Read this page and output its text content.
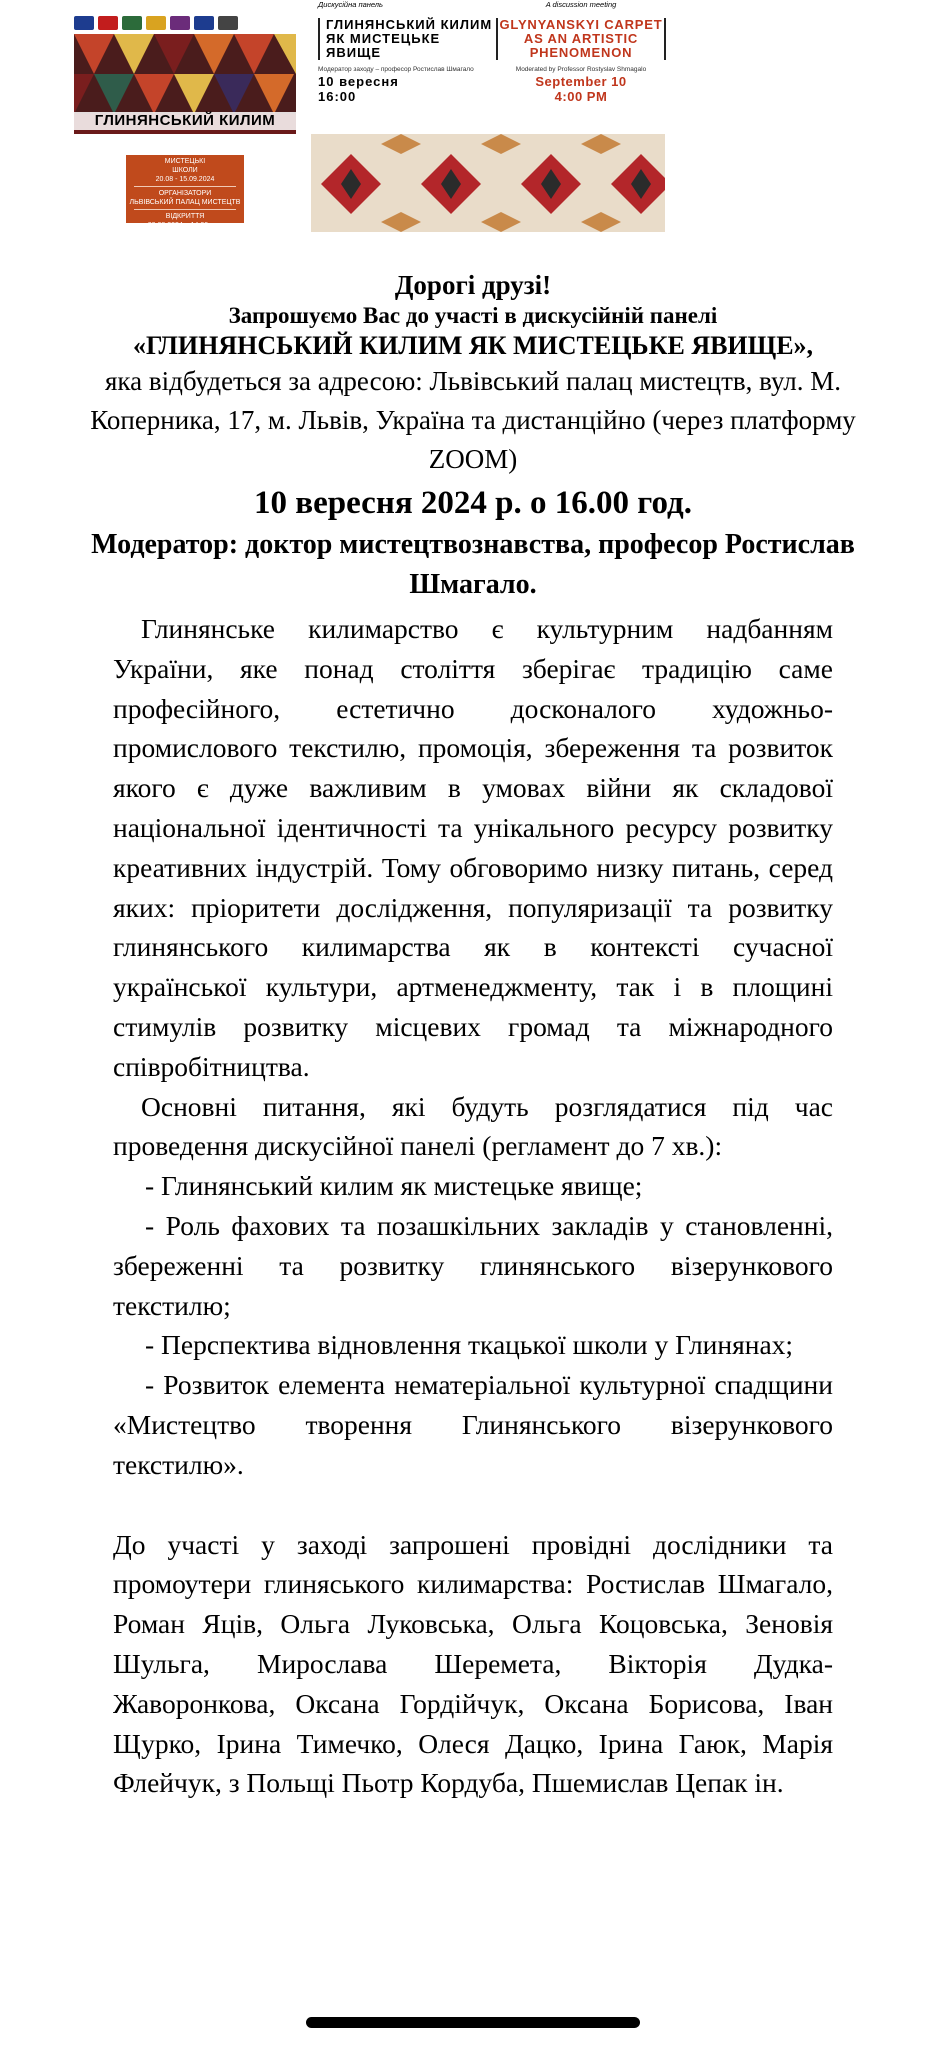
ГЛИНЯНСЬКИЙ КИЛИМ
МИСТЕЦЬКІ
ШКОЛИ
20.08 - 15.09.2024
ОРГАНІЗАТОРИ
ЛЬВІВСЬКИЙ ПАЛАЦ МИСТЕЦТВ
ВІДКРИТТЯ
20.08.2024 о 14:00 год.
Дискусійна панель
ГЛИНЯНСЬКИЙ КИЛИМ ЯК МИСТЕЦЬКЕ ЯВИЩЕ
Модератор заходу – професор Ростислав Шмагало
10 вересня
16:00
A discussion meeting
GLYNYANSKYI CARPET AS AN ARTISTIC PHENOMENON
Moderated by Professor Rostyslav Shmagalo
September 10
4:00 PM

Дорогі друзі!

Запрошуємо Вас до участі в дискусійній панелі

«ГЛИНЯНСЬКИЙ КИЛИМ ЯК МИСТЕЦЬКЕ ЯВИЩЕ»,

яка відбудеться за адресою: Львівський палац мистецтв, вул. М. Коперника, 17, м. Львів, Україна та дистанційно (через платформу ZOOM)

10 вересня 2024 р. о 16.00 год.

Модератор: доктор мистецтвознавства, професор Ростислав Шмагало.

Глинянське килимарство є культурним надбанням України, яке понад століття зберігає традицію саме професійного, естетично досконалого художньо-промислового текстилю, промоція, збереження та розвиток якого є дуже важливим в умовах війни як складової національної ідентичності та унікального ресурсу розвитку креативних індустрій. Тому обговоримо низку питань, серед яких: пріоритети дослідження, популяризації та розвитку глинянського килимарства як в контексті сучасної української культури, артменеджменту, так і в площині стимулів розвитку місцевих громад та міжнародного співробітництва.

Основні питання, які будуть розглядатися під час проведення дискусійної панелі (регламент до 7 хв.):

- Глинянський килим як мистецьке явище;

- Роль фахових та позашкільних закладів у становленні, збереженні та розвитку глинянського візерункового текстилю;

- Перспектива відновлення ткацької школи у Глинянах;

- Розвиток елемента нематеріальної культурної спадщини «Мистецтво творення Глинянського візерункового текстилю».

До участі у заході запрошені провідні дослідники та промоутери глиняського килимарства: Ростислав Шмагало, Роман Яців, Ольга Луковська, Ольга Коцовська, Зеновія Шульга, Мирослава Шеремета, Вікторія Дудка-Жаворонкова, Оксана Гордійчук, Оксана Борисова, Іван Щурко, Ірина Тимечко, Олеся Дацко, Ірина Гаюк, Марія Флейчук, з Польщі Пьотр Кордуба, Пшемислав Цепак ін.
